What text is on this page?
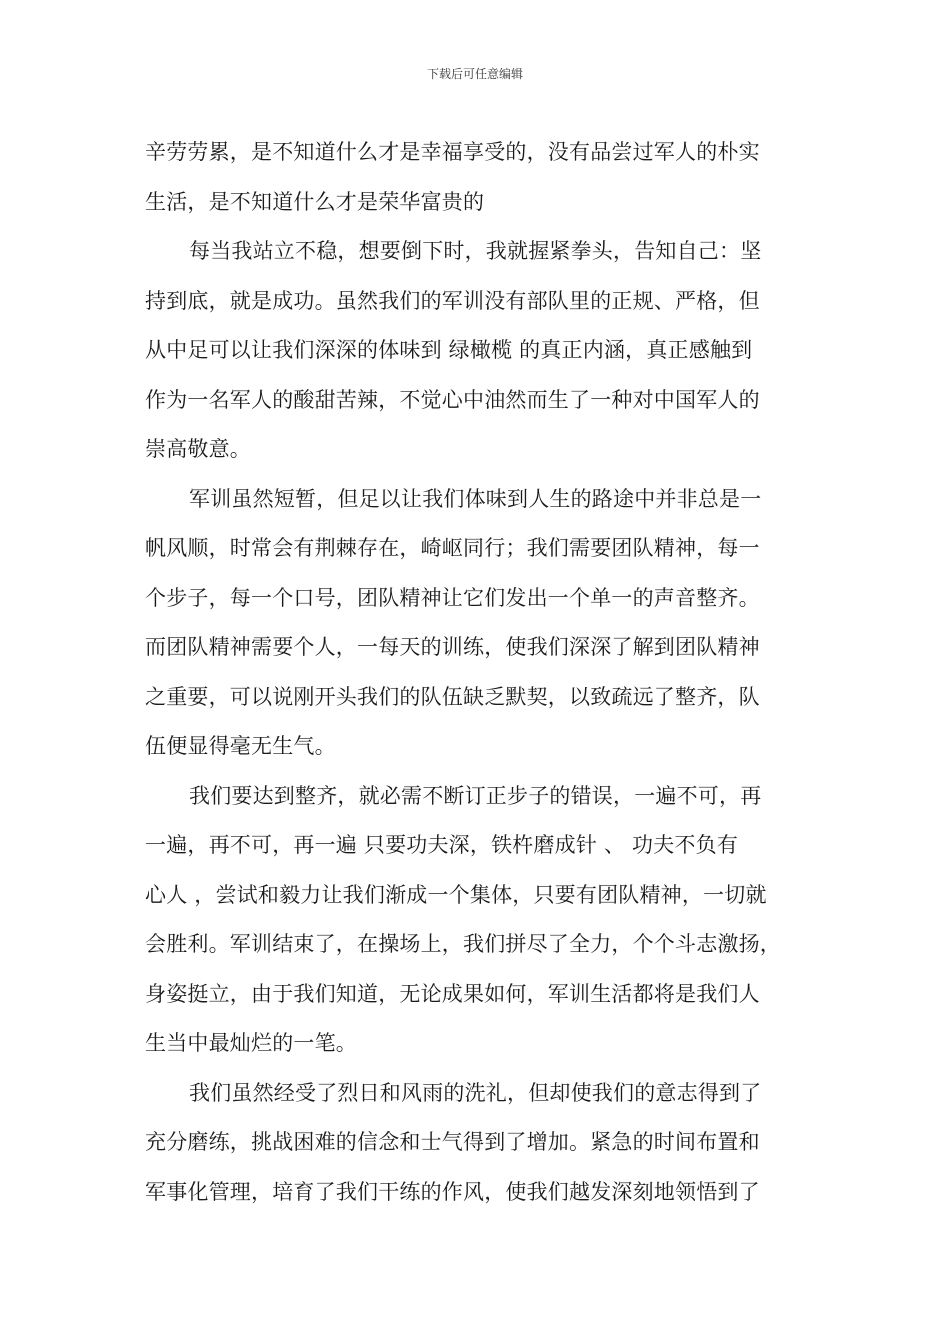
下载后可任意编辑

辛劳劳累，是不知道什么才是幸福享受的，没有品尝过军人的朴实
生活，是不知道什么才是荣华富贵的

每当我站立不稳，想要倒下时，我就握紧拳头，告知自己：坚
持到底，就是成功。虽然我们的军训没有部队里的正规、严格，但
从中足可以让我们深深的体味到 绿橄榄 的真正内涵，真正感触到
作为一名军人的酸甜苦辣，不觉心中油然而生了一种对中国军人的
崇高敬意。

军训虽然短暂，但足以让我们体味到人生的路途中并非总是一
帆风顺，时常会有荆棘存在，崎岖同行；我们需要团队精神，每一
个步子，每一个口号，团队精神让它们发出一个单一的声音整齐。
而团队精神需要个人，一每天的训练，使我们深深了解到团队精神
之重要，可以说刚开头我们的队伍缺乏默契，以致疏远了整齐，队
伍便显得毫无生气。

我们要达到整齐，就必需不断订正步子的错误，一遍不可，再
一遍，再不可，再一遍 只要功夫深，铁杵磨成针 、 功夫不负有
心人 ，尝试和毅力让我们渐成一个集体，只要有团队精神，一切就
会胜利。军训结束了，在操场上，我们拼尽了全力，个个斗志激扬，
身姿挺立，由于我们知道，无论成果如何，军训生活都将是我们人
生当中最灿烂的一笔。

我们虽然经受了烈日和风雨的洗礼，但却使我们的意志得到了
充分磨练，挑战困难的信念和士气得到了增加。紧急的时间布置和
军事化管理，培育了我们干练的作风，使我们越发深刻地领悟到了
